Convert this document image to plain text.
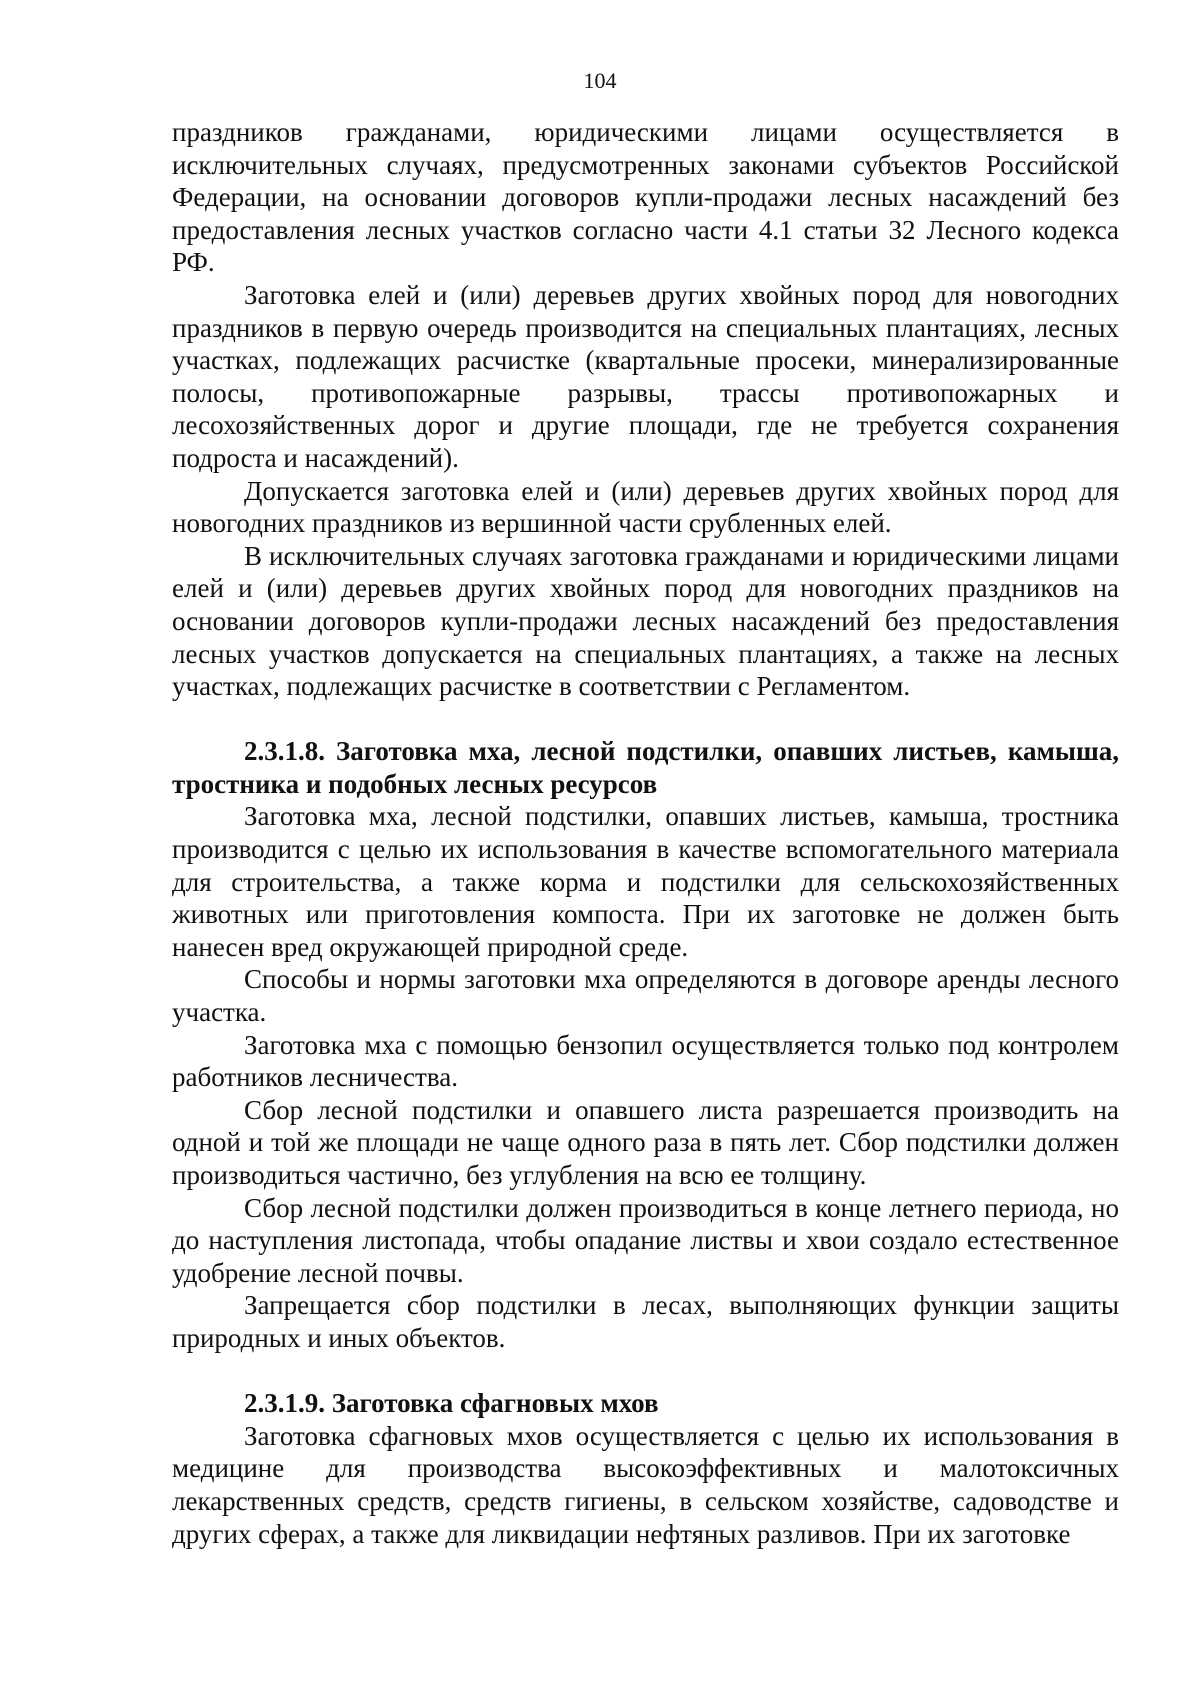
104

праздников гражданами, юридическими лицами осуществляется в исключительных случаях, предусмотренных законами субъектов Российской Федерации, на основании договоров купли-продажи лесных насаждений без предоставления лесных участков согласно части 4.1 статьи 32 Лесного кодекса РФ.

Заготовка елей и (или) деревьев других хвойных пород для новогодних праздников в первую очередь производится на специальных плантациях, лесных участках, подлежащих расчистке (квартальные просеки, минерализированные полосы, противопожарные разрывы, трассы противопожарных и лесохозяйственных дорог и другие площади, где не требуется сохранения подроста и насаждений).

Допускается заготовка елей и (или) деревьев других хвойных пород для новогодних праздников из вершинной части срубленных елей.

В исключительных случаях заготовка гражданами и юридическими лицами елей и (или) деревьев других хвойных пород для новогодних праздников на основании договоров купли-продажи лесных насаждений без предоставления лесных участков допускается на специальных плантациях, а также на лесных участках, подлежащих расчистке в соответствии с Регламентом.

2.3.1.8. Заготовка мха, лесной подстилки, опавших листьев, камыша, тростника и подобных лесных ресурсов

Заготовка мха, лесной подстилки, опавших листьев, камыша, тростника производится с целью их использования в качестве вспомогательного материала для строительства, а также корма и подстилки для сельскохозяйственных животных или приготовления компоста. При их заготовке не должен быть нанесен вред окружающей природной среде.

Способы и нормы заготовки мха определяются в договоре аренды лесного участка.

Заготовка мха с помощью бензопил осуществляется только под контролем работников лесничества.

Сбор лесной подстилки и опавшего листа разрешается производить на одной и той же площади не чаще одного раза в пять лет. Сбор подстилки должен производиться частично, без углубления на всю ее толщину.

Сбор лесной подстилки должен производиться в конце летнего периода, но до наступления листопада, чтобы опадание листвы и хвои создало естественное удобрение лесной почвы.

Запрещается сбор подстилки в лесах, выполняющих функции защиты природных и иных объектов.

2.3.1.9. Заготовка сфагновых мхов

Заготовка сфагновых мхов осуществляется с целью их использования в медицине для производства высокоэффективных и малотоксичных лекарственных средств, средств гигиены, в сельском хозяйстве, садоводстве и других сферах, а также для ликвидации нефтяных разливов. При их заготовке
